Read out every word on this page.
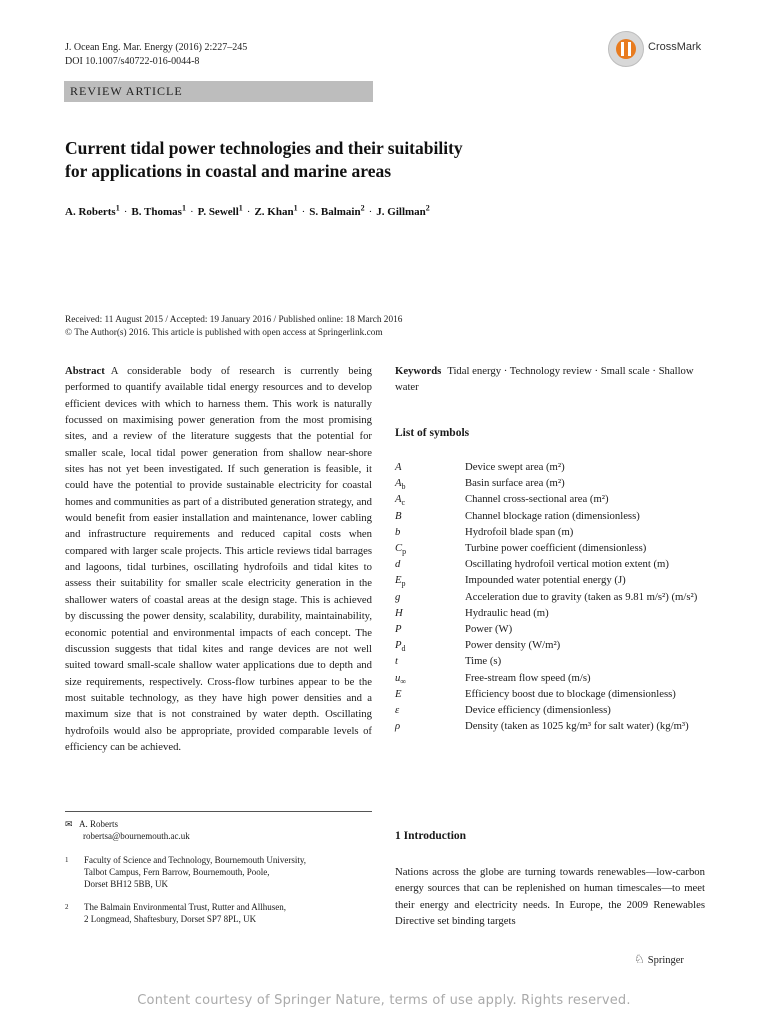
J. Ocean Eng. Mar. Energy (2016) 2:227–245
DOI 10.1007/s40722-016-0044-8
CrossMark
REVIEW ARTICLE
Current tidal power technologies and their suitability
for applications in coastal and marine areas
A. Roberts$^1$ · B. Thomas$^1$ · P. Sewell$^1$ · Z. Khan$^1$ · S. Balmain$^2$ · J. Gillman$^2$
Received: 11 August 2015 / Accepted: 19 January 2016 / Published online: 18 March 2016
© The Author(s) 2016. This article is published with open access at Springerlink.com
Abstract A considerable body of research is currently being performed to quantify available tidal energy resources and to develop efficient devices with which to harness them. This work is naturally focussed on maximising power generation from the most promising sites, and a review of the literature suggests that the potential for smaller scale, local tidal power generation from shallow near-shore sites has not yet been investigated. If such generation is feasible, it could have the potential to provide sustainable electricity for coastal homes and communities as part of a distributed generation strategy, and would benefit from easier installation and maintenance, lower cabling and infrastructure requirements and reduced capital costs when compared with larger scale projects. This article reviews tidal barrages and lagoons, tidal turbines, oscillating hydrofoils and tidal kites to assess their suitability for smaller scale electricity generation in the shallower waters of coastal areas at the design stage. This is achieved by discussing the power density, scalability, durability, maintainability, economic potential and environmental impacts of each concept. The discussion suggests that tidal kites and range devices are not well suited toward small-scale shallow water applications due to depth and size requirements, respectively. Cross-flow turbines appear to be the most suitable technology, as they have high power densities and a maximum size that is not constrained by water depth. Oscillating hydrofoils would also be appropriate, provided comparable levels of efficiency can be achieved.
✉ A. Roberts
robertsa@bournemouth.ac.uk
1 Faculty of Science and Technology, Bournemouth University,
Talbot Campus, Fern Barrow, Bournemouth, Poole,
Dorset BH12 5BB, UK
2 The Balmain Environmental Trust, Rutter and Allhusen,
2 Longmead, Shaftesbury, Dorset SP7 8PL, UK
Keywords Tidal energy · Technology review · Small scale · Shallow water
List of symbols
A	Device swept area (m²)
$A_b$	Basin surface area (m²)
$A_c$	Channel cross-sectional area (m²)
B	Channel blockage ration (dimensionless)
b	Hydrofoil blade span (m)
$C_p$	Turbine power coefficient (dimensionless)
d	Oscillating hydrofoil vertical motion extent (m)
$E_p$	Impounded water potential energy (J)
g	Acceleration due to gravity (taken as 9.81 m/s²) (m/s²)
H	Hydraulic head (m)
P	Power (W)
$P_d$	Power density (W/m²)
t	Time (s)
$u_\infty$	Free-stream flow speed (m/s)
E	Efficiency boost due to blockage (dimensionless)
ε	Device efficiency (dimensionless)
ρ	Density (taken as 1025 kg/m³ for salt water) (kg/m³)
1 Introduction
Nations across the globe are turning towards renewables—low-carbon energy sources that can be replenished on human timescales—to meet their energy and electricity needs. In Europe, the 2009 Renewables Directive set binding targets
♘ Springer
Content courtesy of Springer Nature, terms of use apply. Rights reserved.
